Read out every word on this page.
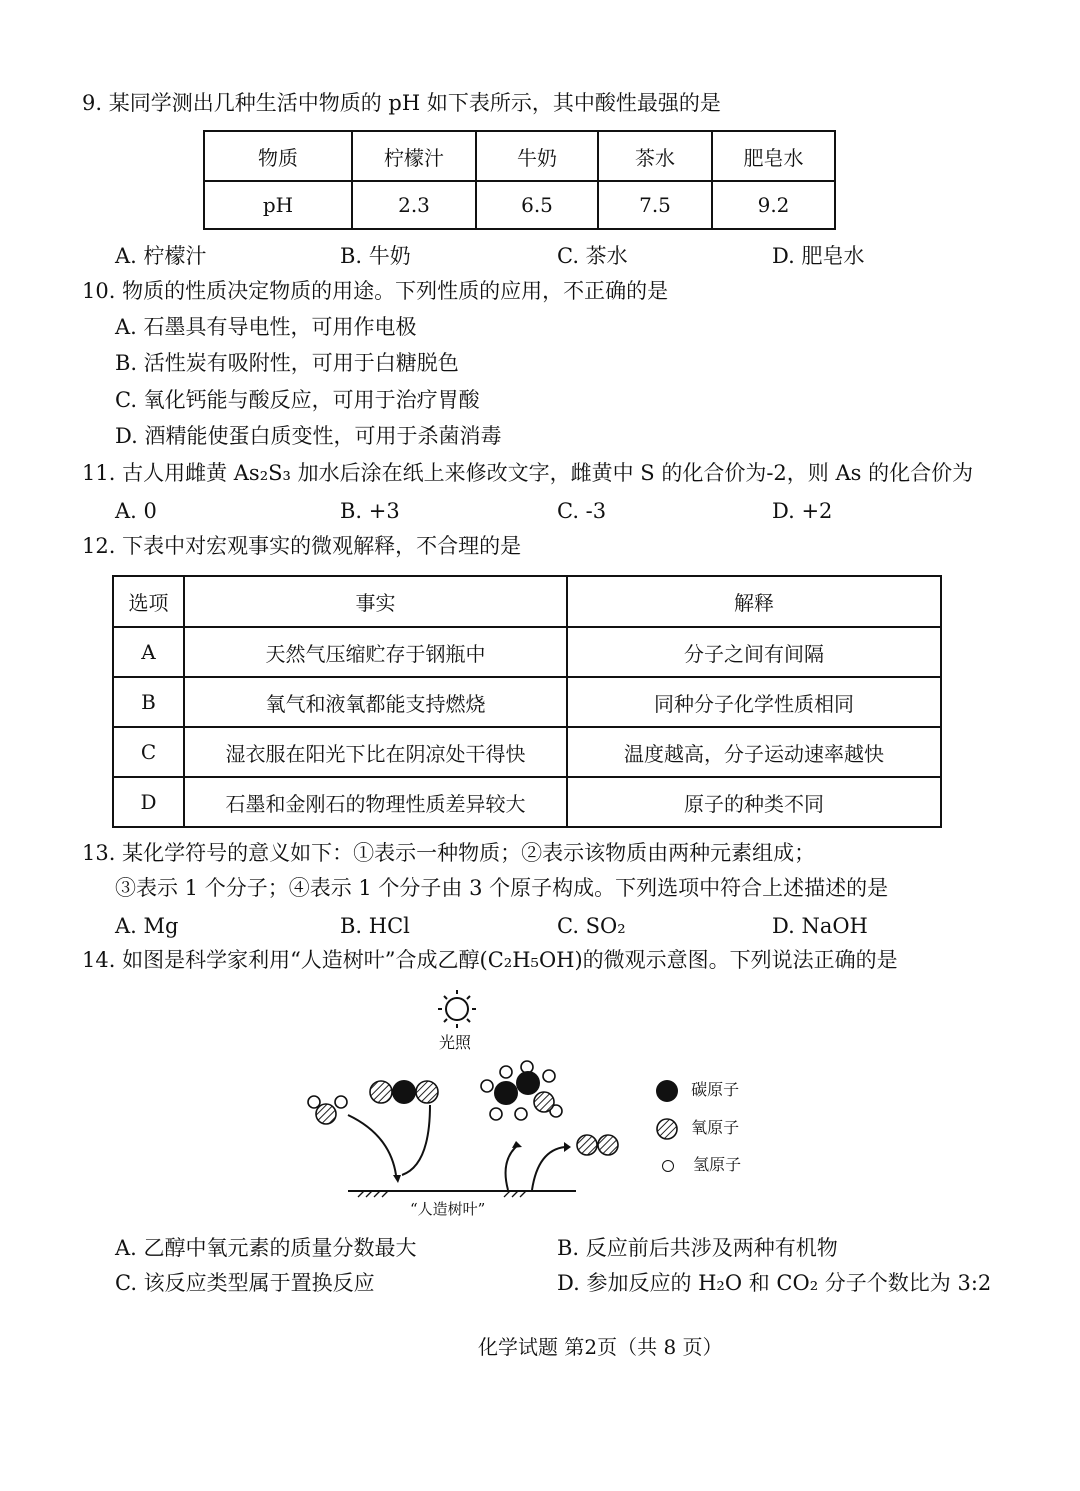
9. 某同学测出几种生活中物质的 pH 如下表所示，其中酸性最强的是
物质	柠檬汁	牛奶	茶水	肥皂水
pH	2.3	6.5	7.5	9.2
A. 柠檬汁	B. 牛奶	C. 茶水	D. 肥皂水
10. 物质的性质决定物质的用途。下列性质的应用，不正确的是
A. 石墨具有导电性，可用作电极
B. 活性炭有吸附性，可用于白糖脱色
C. 氧化钙能与酸反应，可用于治疗胃酸
D. 酒精能使蛋白质变性，可用于杀菌消毒
11. 古人用雌黄 As₂S₃ 加水后涂在纸上来修改文字，雌黄中 S 的化合价为-2，则 As 的化合价为
A. 0	B. +3	C. -3	D. +2
12. 下表中对宏观事实的微观解释，不合理的是
选项	事实	解释
A	天然气压缩贮存于钢瓶中	分子之间有间隔
B	氧气和液氧都能支持燃烧	同种分子化学性质相同
C	湿衣服在阳光下比在阴凉处干得快	温度越高，分子运动速率越快
D	石墨和金刚石的物理性质差异较大	原子的种类不同
13. 某化学符号的意义如下：①表示一种物质；②表示该物质由两种元素组成；
③表示 1 个分子；④表示 1 个分子由 3 个原子构成。下列选项中符合上述描述的是
A. Mg	B. HCl	C. SO₂	D. NaOH
14. 如图是科学家利用“人造树叶”合成乙醇(C₂H₅OH)的微观示意图。下列说法正确的是
光照
“人造树叶”
碳原子
氧原子
氢原子
A. 乙醇中氧元素的质量分数最大	B. 反应前后共涉及两种有机物
C. 该反应类型属于置换反应	D. 参加反应的 H₂O 和 CO₂ 分子个数比为 3:2
化学试题 第2页（共 8 页）
